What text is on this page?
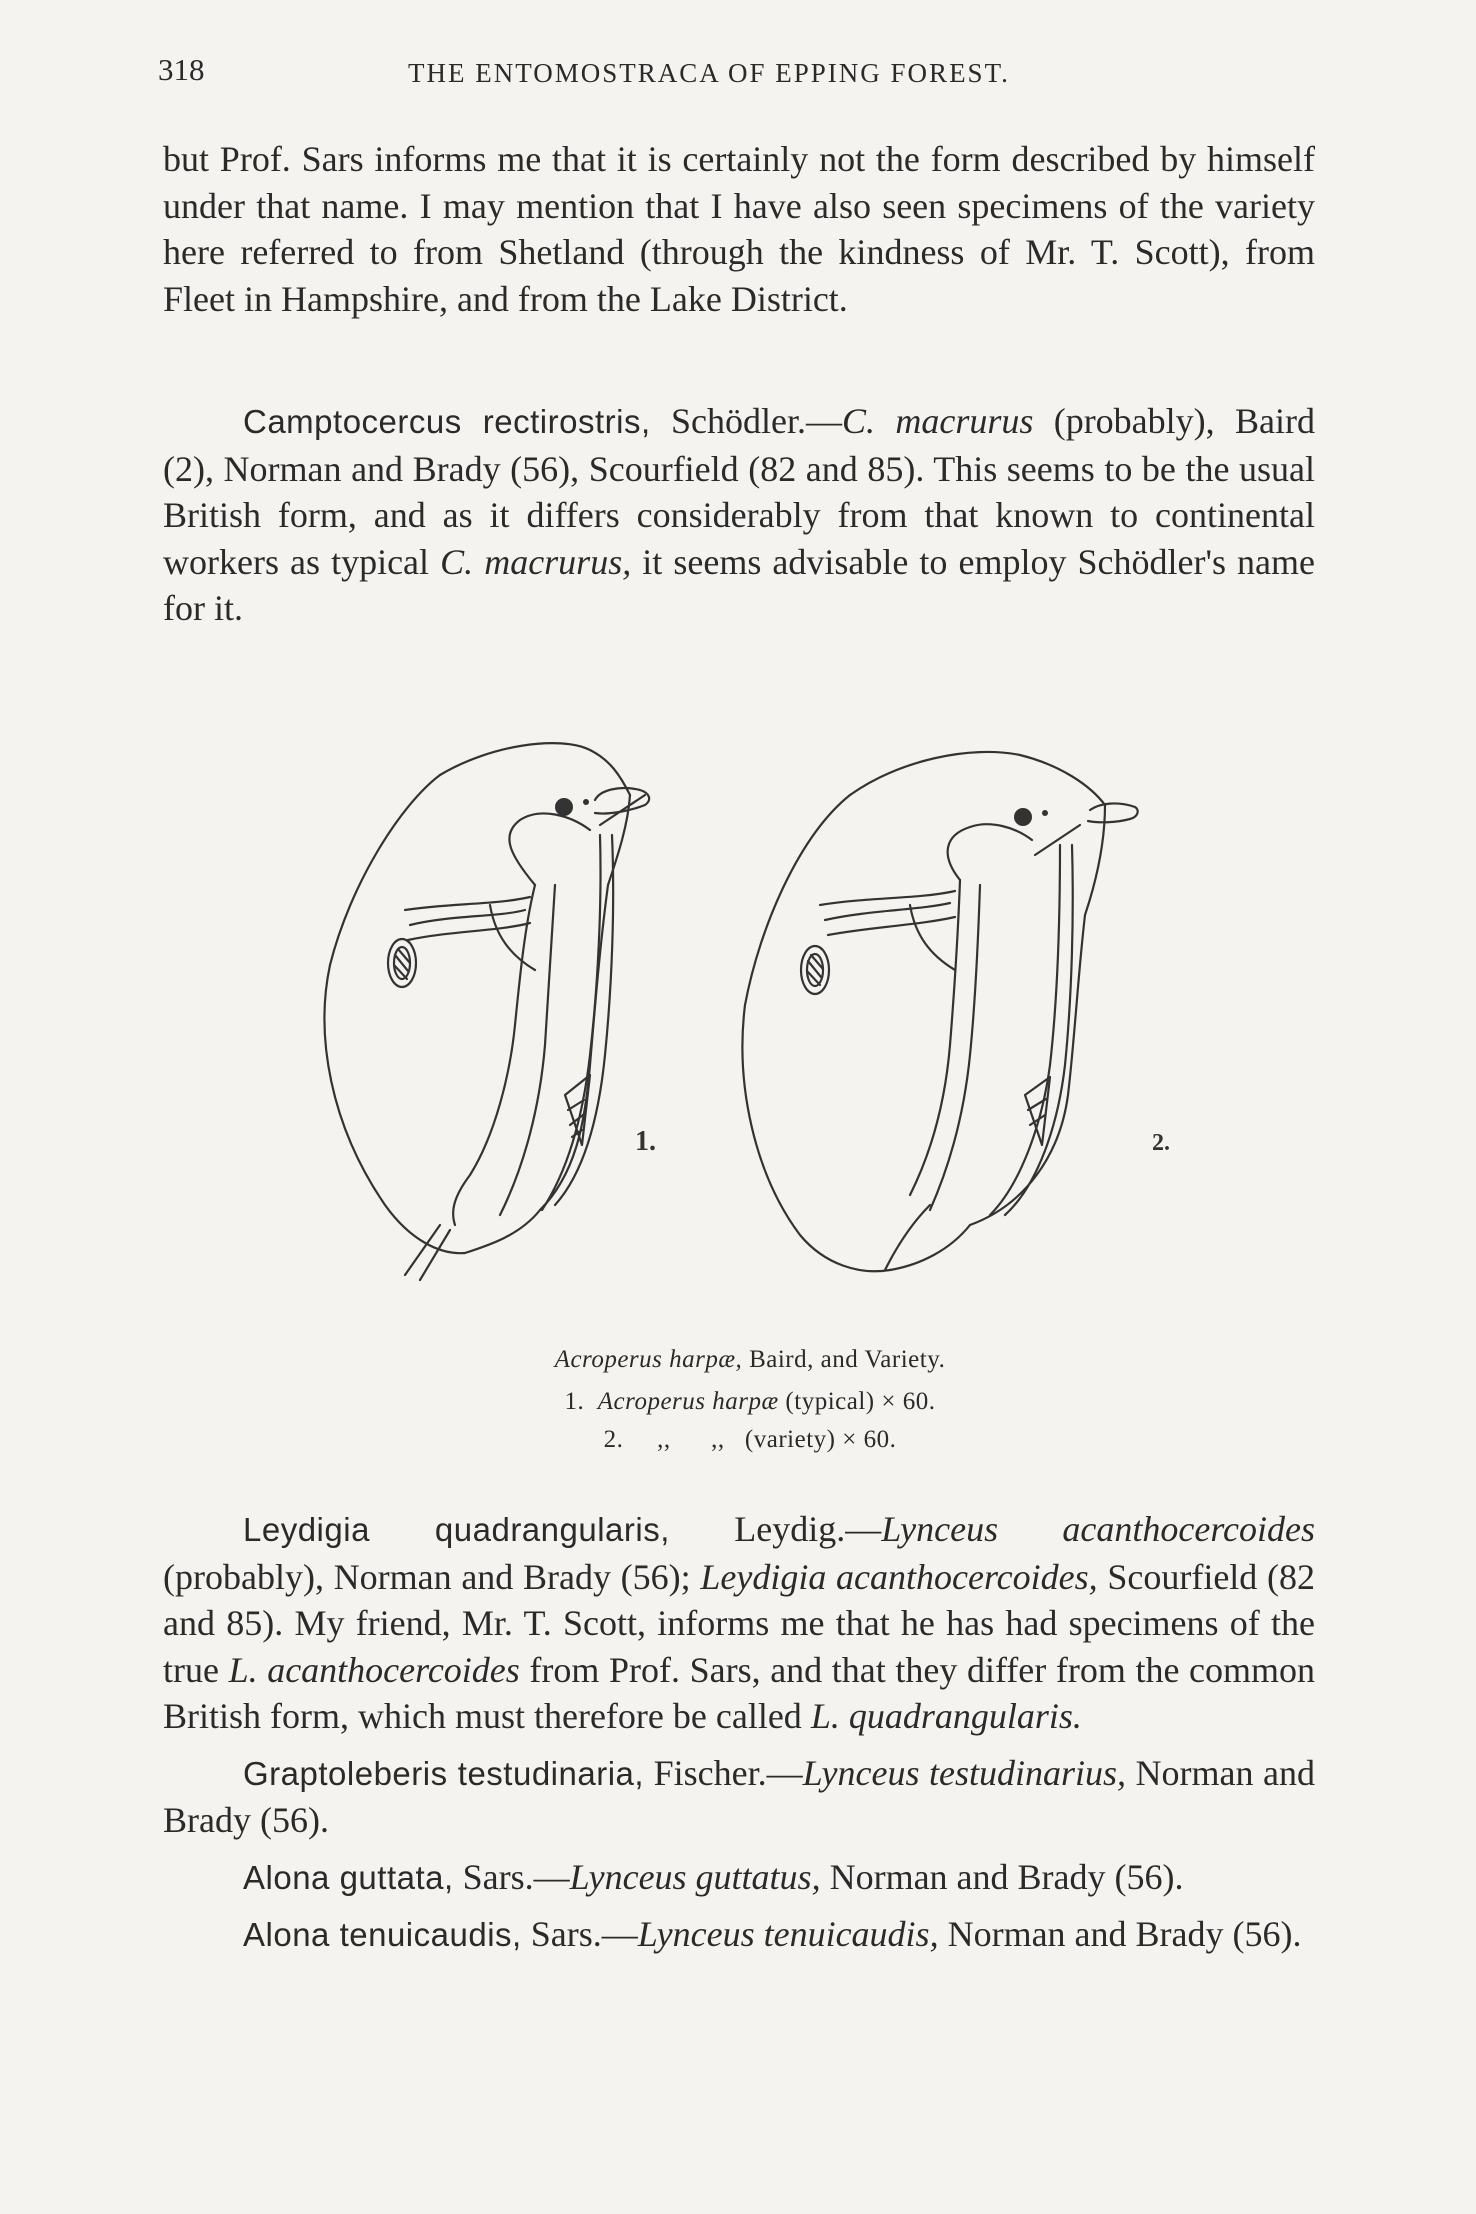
318	THE ENTOMOSTRACA OF EPPING FOREST.

but Prof. Sars informs me that it is certainly not the form described by himself under that name. I may mention that I have also seen specimens of the variety here referred to from Shetland (through the kindness of Mr. T. Scott), from Fleet in Hampshire, and from the Lake District.

Camptocercus rectirostris, Schödler.—C. macrurus (probably), Baird (2), Norman and Brady (56), Scourfield (82 and 85). This seems to be the usual British form, and as it differs considerably from that known to continental workers as typical C. macrurus, it seems advisable to employ Schödler's name for it.

1.	2.
Acroperus harpæ, Baird, and Variety.
1. Acroperus harpæ (typical) × 60.
2. ,,      ,, (variety) × 60.

Leydigia quadrangularis, Leydig.—Lynceus acanthocercoides (probably), Norman and Brady (56); Leydigia acanthocercoides, Scourfield (82 and 85). My friend, Mr. T. Scott, informs me that he has had specimens of the true L. acanthocercoides from Prof. Sars, and that they differ from the common British form, which must therefore be called L. quadrangularis.

Graptoleberis testudinaria, Fischer.—Lynceus testudinarius, Norman and Brady (56).

Alona guttata, Sars.—Lynceus guttatus, Norman and Brady (56).

Alona tenuicaudis, Sars.—Lynceus tenuicaudis, Norman and Brady (56).
